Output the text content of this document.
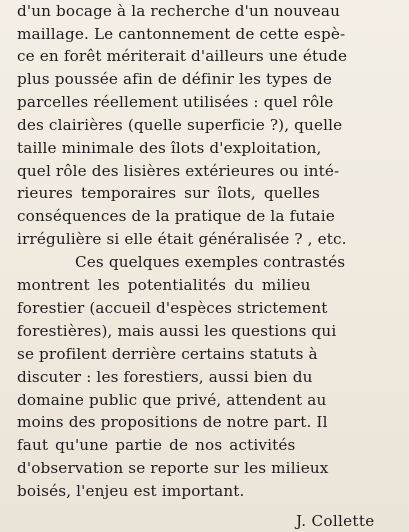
d'un bocage à la recherche d'un nouveau
maillage. Le cantonnement de cette espè-
ce en forêt mériterait d'ailleurs une étude
plus poussée afin de définir les types de
parcelles réellement utilisées : quel rôle
des clairières (quelle superficie ?), quelle
taille minimale des îlots d'exploitation,
quel rôle des lisières extérieures ou inté-
rieures temporaires sur îlots, quelles
conséquences de la pratique de la futaie
irrégulière si elle était généralisée ? , etc.
Ces quelques exemples contrastés
montrent les potentialités du milieu
forestier (accueil d'espèces strictement
forestières), mais aussi les questions qui
se profilent derrière certains statuts à
discuter : les forestiers, aussi bien du
domaine public que privé, attendent au
moins des propositions de notre part. Il
faut qu'une partie de nos activités
d'observation se reporte sur les milieux
boisés, l'enjeu est important.
J. Collette
